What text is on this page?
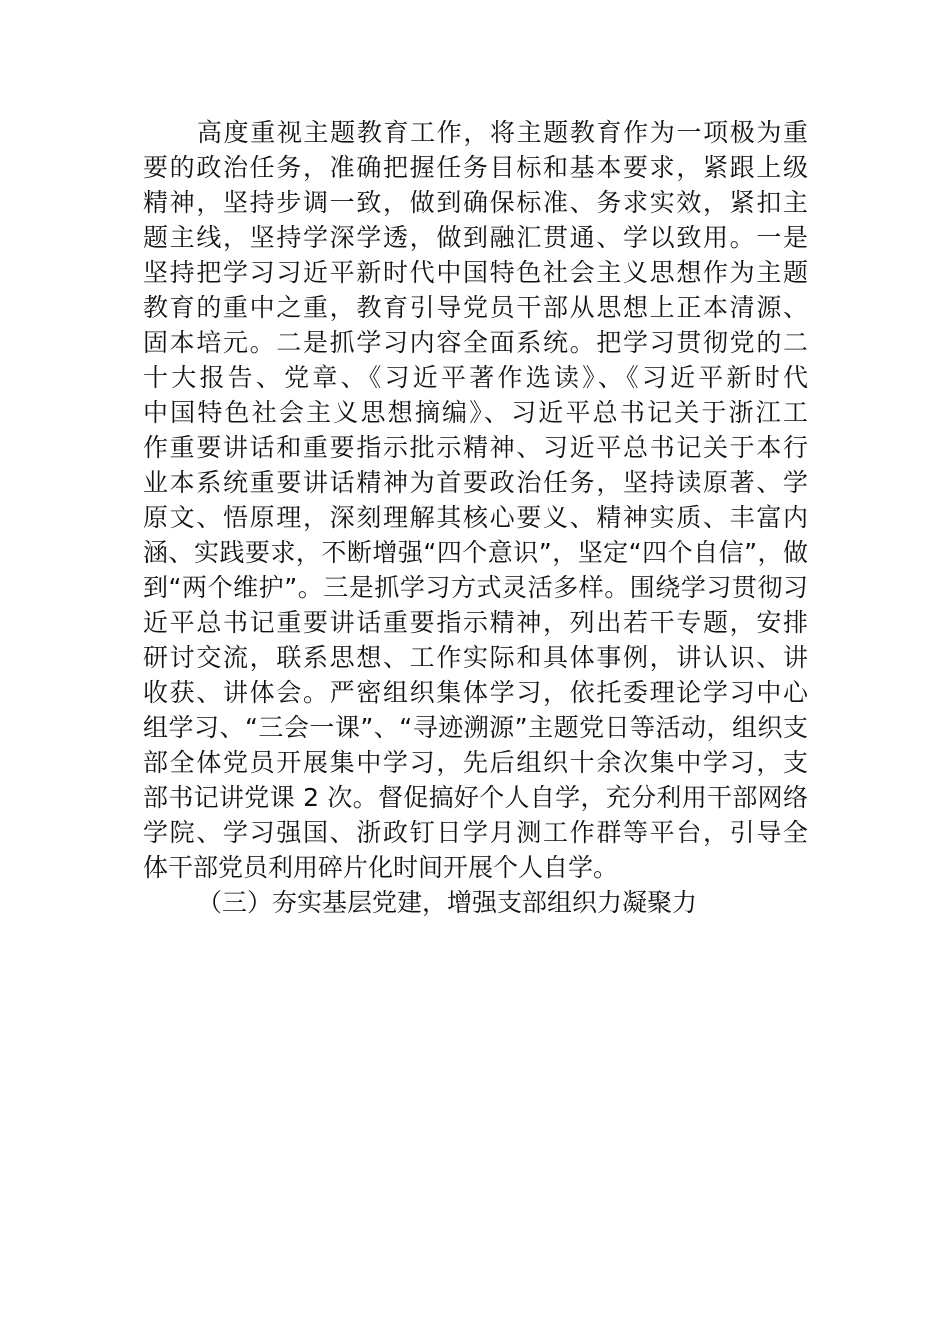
高度重视主题教育工作，将主题教育作为一项极为重
要的政治任务，准确把握任务目标和基本要求，紧跟上级
精神，坚持步调一致，做到确保标准、务求实效，紧扣主
题主线，坚持学深学透，做到融汇贯通、学以致用。一是
坚持把学习习近平新时代中国特色社会主义思想作为主题
教育的重中之重，教育引导党员干部从思想上正本清源、
固本培元。二是抓学习内容全面系统。把学习贯彻党的二
十大报告、党章、《习近平著作选读》、《习近平新时代
中国特色社会主义思想摘编》、习近平总书记关于浙江工
作重要讲话和重要指示批示精神、习近平总书记关于本行
业本系统重要讲话精神为首要政治任务，坚持读原著、学
原文、悟原理，深刻理解其核心要义、精神实质、丰富内
涵、实践要求，不断增强“四个意识”，坚定“四个自信”，做
到“两个维护”。三是抓学习方式灵活多样。围绕学习贯彻习
近平总书记重要讲话重要指示精神，列出若干专题，安排
研讨交流，联系思想、工作实际和具体事例，讲认识、讲
收获、讲体会。严密组织集体学习，依托委理论学习中心
组学习、“三会一课”、“寻迹溯源”主题党日等活动，组织支
部全体党员开展集中学习，先后组织十余次集中学习，支
部书记讲党课 2 次。督促搞好个人自学，充分利用干部网络
学院、学习强国、浙政钉日学月测工作群等平台，引导全
体干部党员利用碎片化时间开展个人自学。
（三）夯实基层党建，增强支部组织力凝聚力
